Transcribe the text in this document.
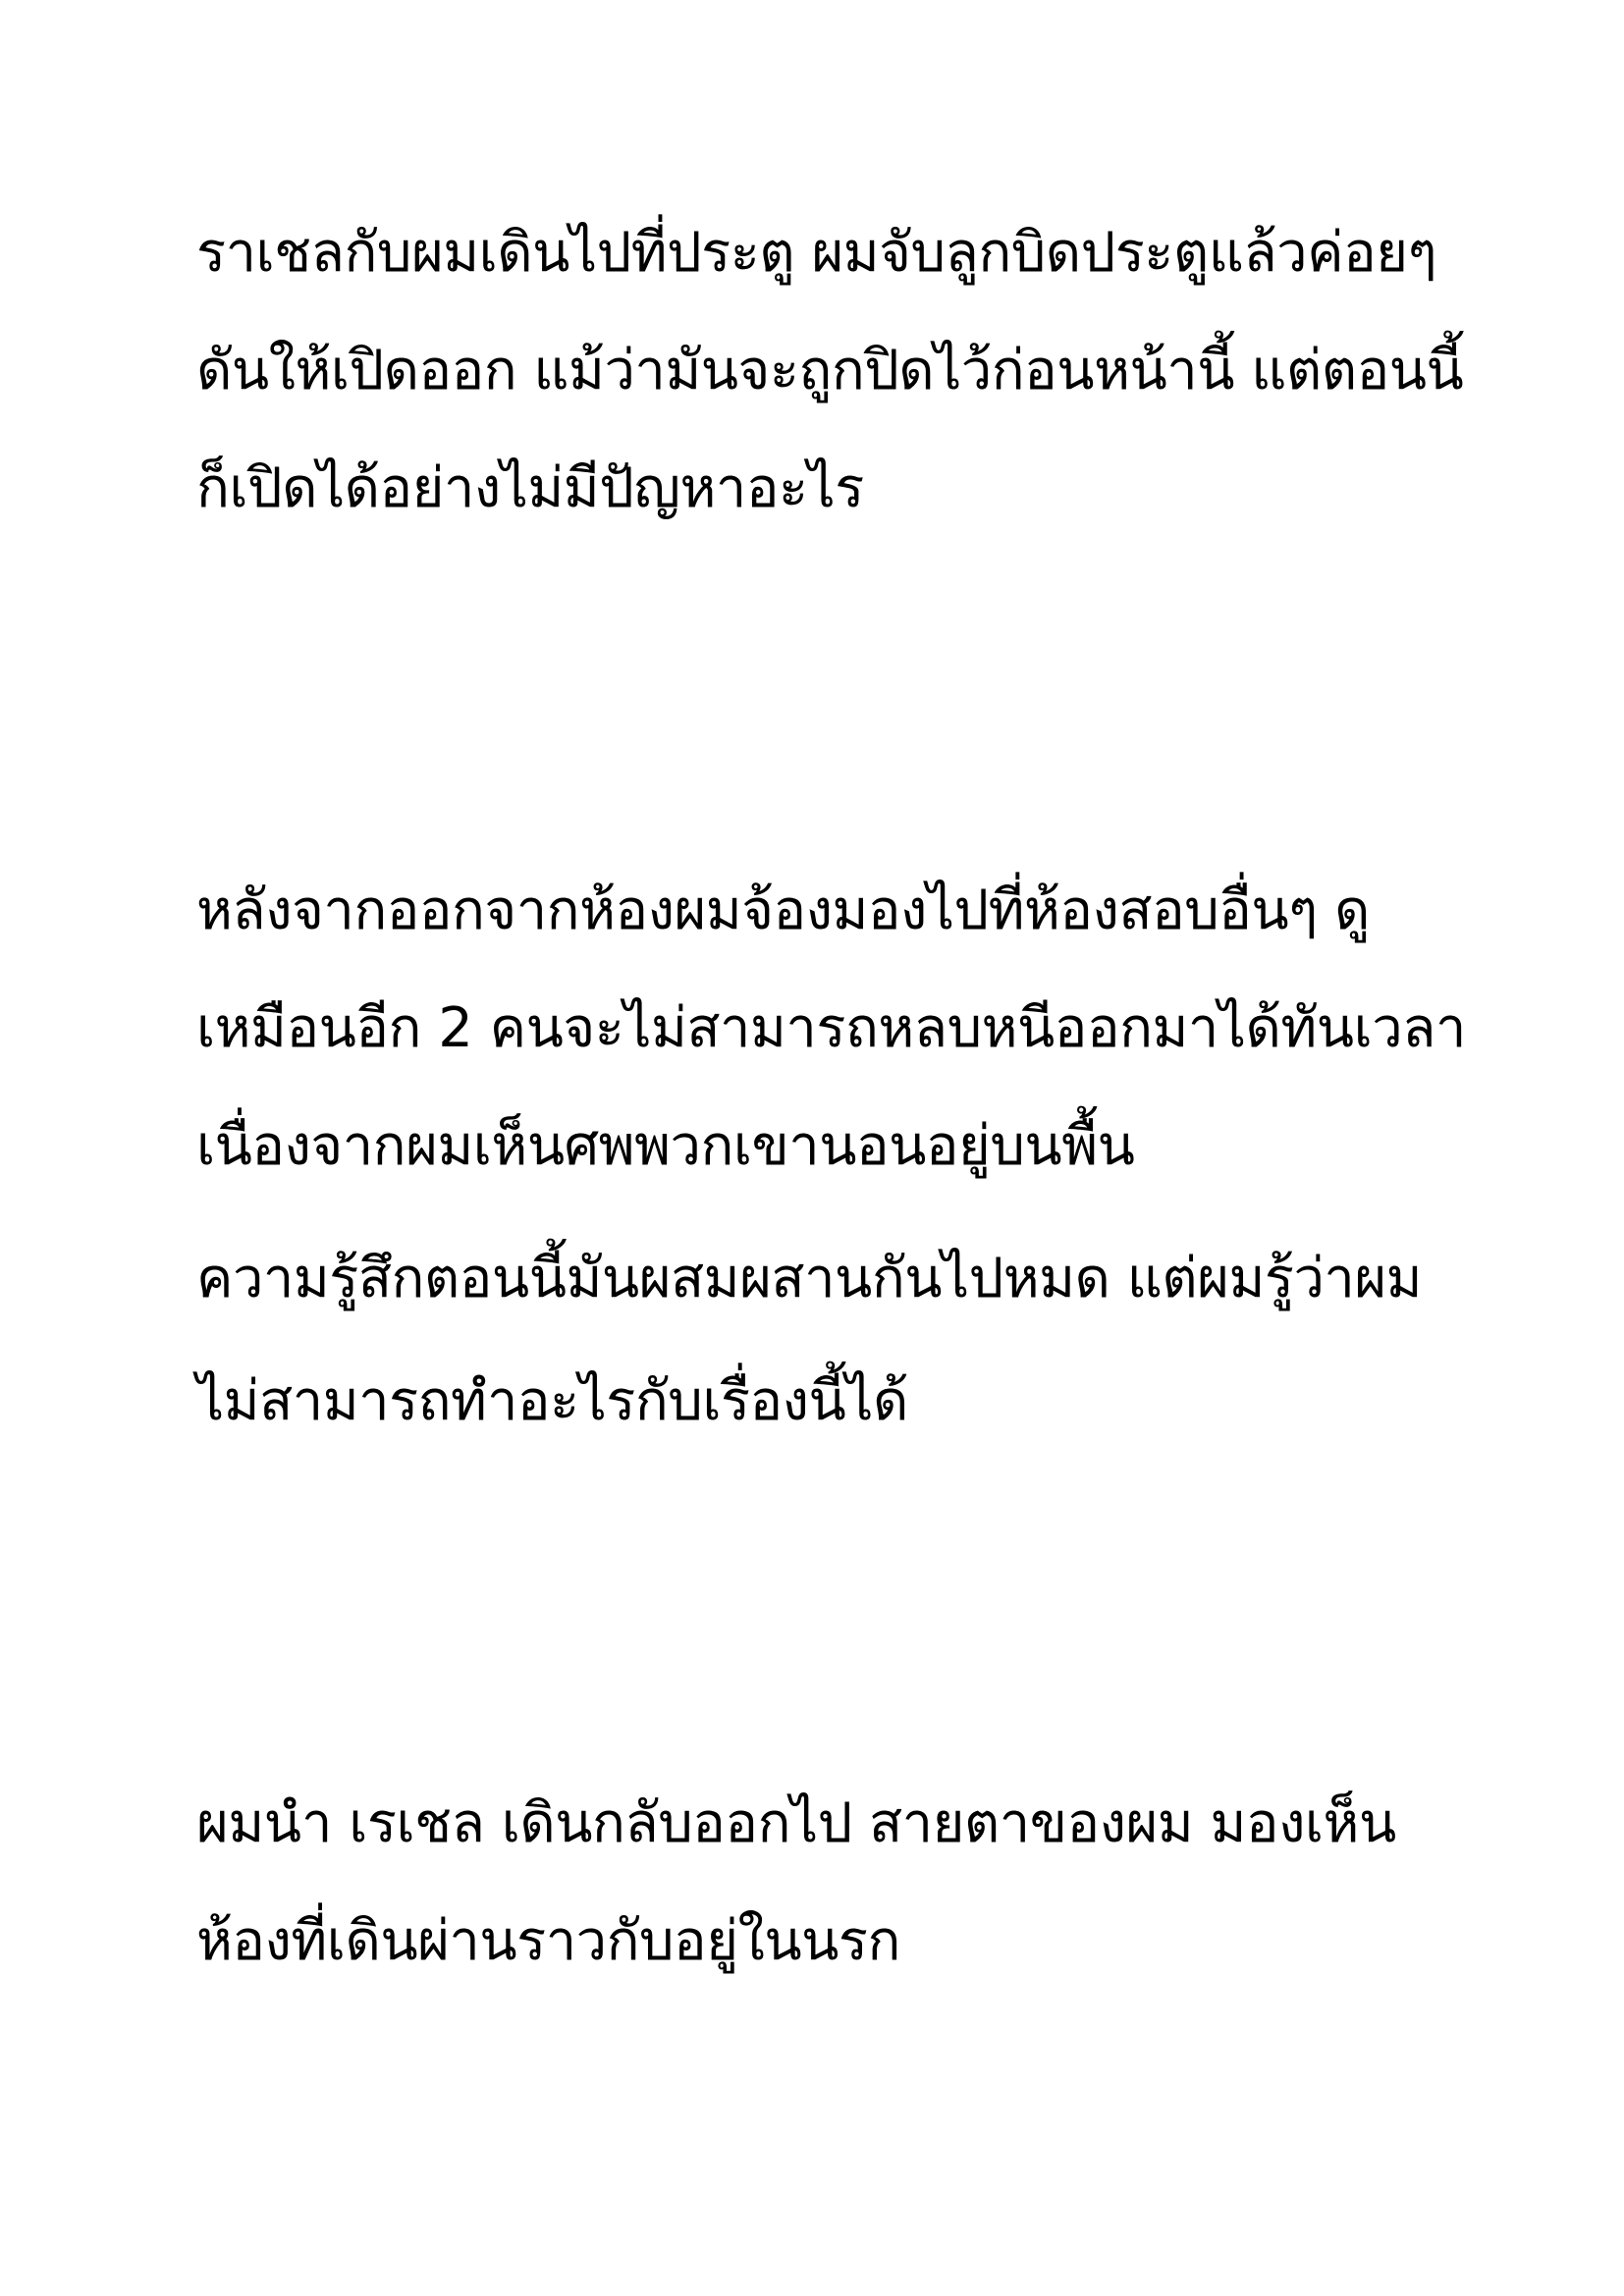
ราเชลกับผมเดินไปที่ประตู ผมจับลูกบิดประตูแล้วค่อยๆ
ดันให้เปิดออก แม้ว่ามันจะถูกปิดไว้ก่อนหน้านี้ แต่ตอนนี้
ก็เปิดได้อย่างไม่มีปัญหาอะไร
หลังจากออกจากห้องผมจ้องมองไปที่ห้องสอบอื่นๆ ดู
เหมือนอีก 2 คนจะไม่สามารถหลบหนีออกมาได้ทันเวลา
เนื่องจากผมเห็นศพพวกเขานอนอยู่บนพื้น
ความรู้สึกตอนนี้มันผสมผสานกันไปหมด แต่ผมรู้ว่าผม
ไม่สามารถทำอะไรกับเรื่องนี้ได้
ผมนำ เรเชล เดินกลับออกไป สายตาของผม มองเห็น
ห้องที่เดินผ่านราวกับอยู่ในนรก
